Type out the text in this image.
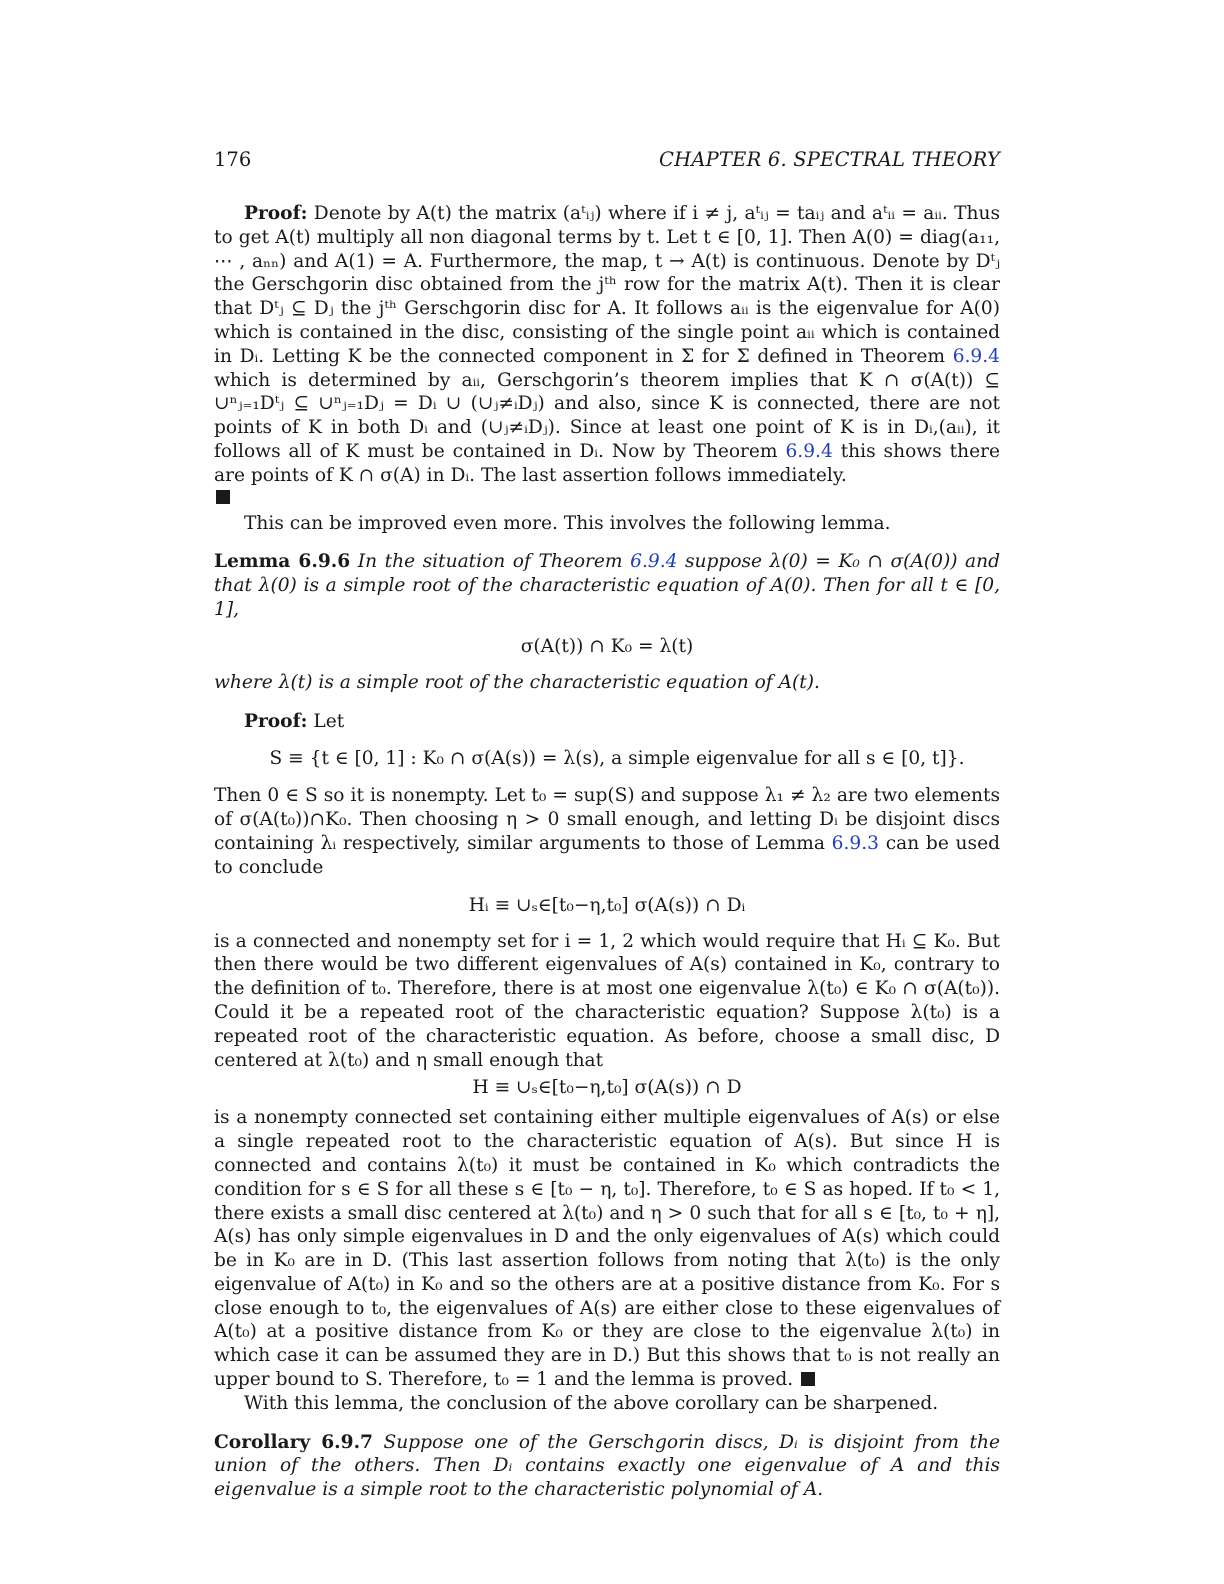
176	CHAPTER 6. SPECTRAL THEORY

Proof: Denote by A(t) the matrix (aᵗᵢⱼ) where if i ≠ j, aᵗᵢⱼ = taᵢⱼ and aᵗᵢᵢ = aᵢᵢ. Thus to get A(t) multiply all non diagonal terms by t. Let t ∈ [0, 1]. Then A(0) = diag(a₁₁, ⋯ , aₙₙ) and A(1) = A. Furthermore, the map, t → A(t) is continuous. Denote by Dᵗⱼ the Gerschgorin disc obtained from the jᵗʰ row for the matrix A(t). Then it is clear that Dᵗⱼ ⊆ Dⱼ the jᵗʰ Gerschgorin disc for A. It follows aᵢᵢ is the eigenvalue for A(0) which is contained in the disc, consisting of the single point aᵢᵢ which is contained in Dᵢ. Letting K be the connected component in Σ for Σ defined in Theorem 6.9.4 which is determined by aᵢᵢ, Gerschgorin’s theorem implies that K ∩ σ(A(t)) ⊆ ∪ⁿⱼ₌₁Dᵗⱼ ⊆ ∪ⁿⱼ₌₁Dⱼ = Dᵢ ∪ (∪ⱼ≠ᵢDⱼ) and also, since K is connected, there are not points of K in both Dᵢ and (∪ⱼ≠ᵢDⱼ). Since at least one point of K is in Dᵢ,(aᵢᵢ), it follows all of K must be contained in Dᵢ. Now by Theorem 6.9.4 this shows there are points of K ∩ σ(A) in Dᵢ. The last assertion follows immediately.

This can be improved even more. This involves the following lemma.

Lemma 6.9.6 In the situation of Theorem 6.9.4 suppose λ(0) = K₀ ∩ σ(A(0)) and that λ(0) is a simple root of the characteristic equation of A(0). Then for all t ∈ [0, 1],

σ(A(t)) ∩ K₀ = λ(t)

where λ(t) is a simple root of the characteristic equation of A(t).

Proof: Let

S ≡ {t ∈ [0, 1] : K₀ ∩ σ(A(s)) = λ(s), a simple eigenvalue for all s ∈ [0, t]}.

Then 0 ∈ S so it is nonempty. Let t₀ = sup(S) and suppose λ₁ ≠ λ₂ are two elements of σ(A(t₀))∩K₀. Then choosing η > 0 small enough, and letting Dᵢ be disjoint discs containing λᵢ respectively, similar arguments to those of Lemma 6.9.3 can be used to conclude

Hᵢ ≡ ∪ₛ∈[t₀−η,t₀] σ(A(s)) ∩ Dᵢ

is a connected and nonempty set for i = 1, 2 which would require that Hᵢ ⊆ K₀. But then there would be two different eigenvalues of A(s) contained in K₀, contrary to the definition of t₀. Therefore, there is at most one eigenvalue λ(t₀) ∈ K₀ ∩ σ(A(t₀)). Could it be a repeated root of the characteristic equation? Suppose λ(t₀) is a repeated root of the characteristic equation. As before, choose a small disc, D centered at λ(t₀) and η small enough that

H ≡ ∪ₛ∈[t₀−η,t₀] σ(A(s)) ∩ D

is a nonempty connected set containing either multiple eigenvalues of A(s) or else a single repeated root to the characteristic equation of A(s). But since H is connected and contains λ(t₀) it must be contained in K₀ which contradicts the condition for s ∈ S for all these s ∈ [t₀ − η, t₀]. Therefore, t₀ ∈ S as hoped. If t₀ < 1, there exists a small disc centered at λ(t₀) and η > 0 such that for all s ∈ [t₀, t₀ + η], A(s) has only simple eigenvalues in D and the only eigenvalues of A(s) which could be in K₀ are in D. (This last assertion follows from noting that λ(t₀) is the only eigenvalue of A(t₀) in K₀ and so the others are at a positive distance from K₀. For s close enough to t₀, the eigenvalues of A(s) are either close to these eigenvalues of A(t₀) at a positive distance from K₀ or they are close to the eigenvalue λ(t₀) in which case it can be assumed they are in D.) But this shows that t₀ is not really an upper bound to S. Therefore, t₀ = 1 and the lemma is proved.

With this lemma, the conclusion of the above corollary can be sharpened.

Corollary 6.9.7 Suppose one of the Gerschgorin discs, Dᵢ is disjoint from the union of the others. Then Dᵢ contains exactly one eigenvalue of A and this eigenvalue is a simple root to the characteristic polynomial of A.
